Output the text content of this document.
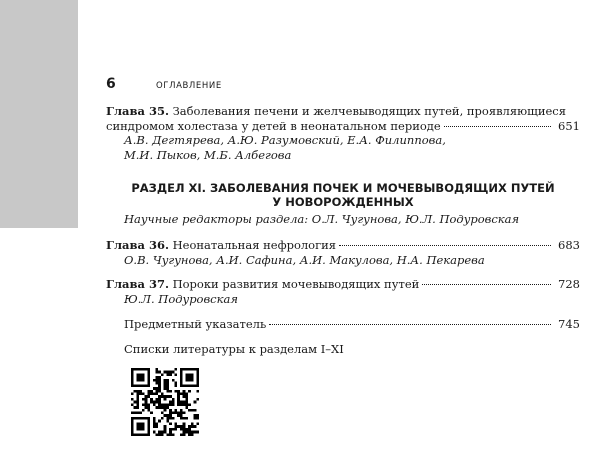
6	ОГЛАВЛЕНИЕ
Глава 35. Заболевания печени и желчевыводящих путей, проявляющиеся
синдромом холестаза у детей в неонатальном периоде	651
А.В. Дегтярева, А.Ю. Разумовский, Е.А. Филиппова,
М.И. Пыков, М.Б. Албегова
РАЗДЕЛ XI. ЗАБОЛЕВАНИЯ ПОЧЕК И МОЧЕВЫВОДЯЩИХ ПУТЕЙ
У НОВОРОЖДЕННЫХ
Научные редакторы раздела: О.Л. Чугунова, Ю.Л. Подуровская
Глава 36. Неонатальная нефрология	683
О.В. Чугунова, А.И. Сафина, А.И. Макулова, Н.А. Пекарева
Глава 37. Пороки развития мочевыводящих путей	728
Ю.Л. Подуровская
Предметный указатель	745
Списки литературы к разделам I–XI
